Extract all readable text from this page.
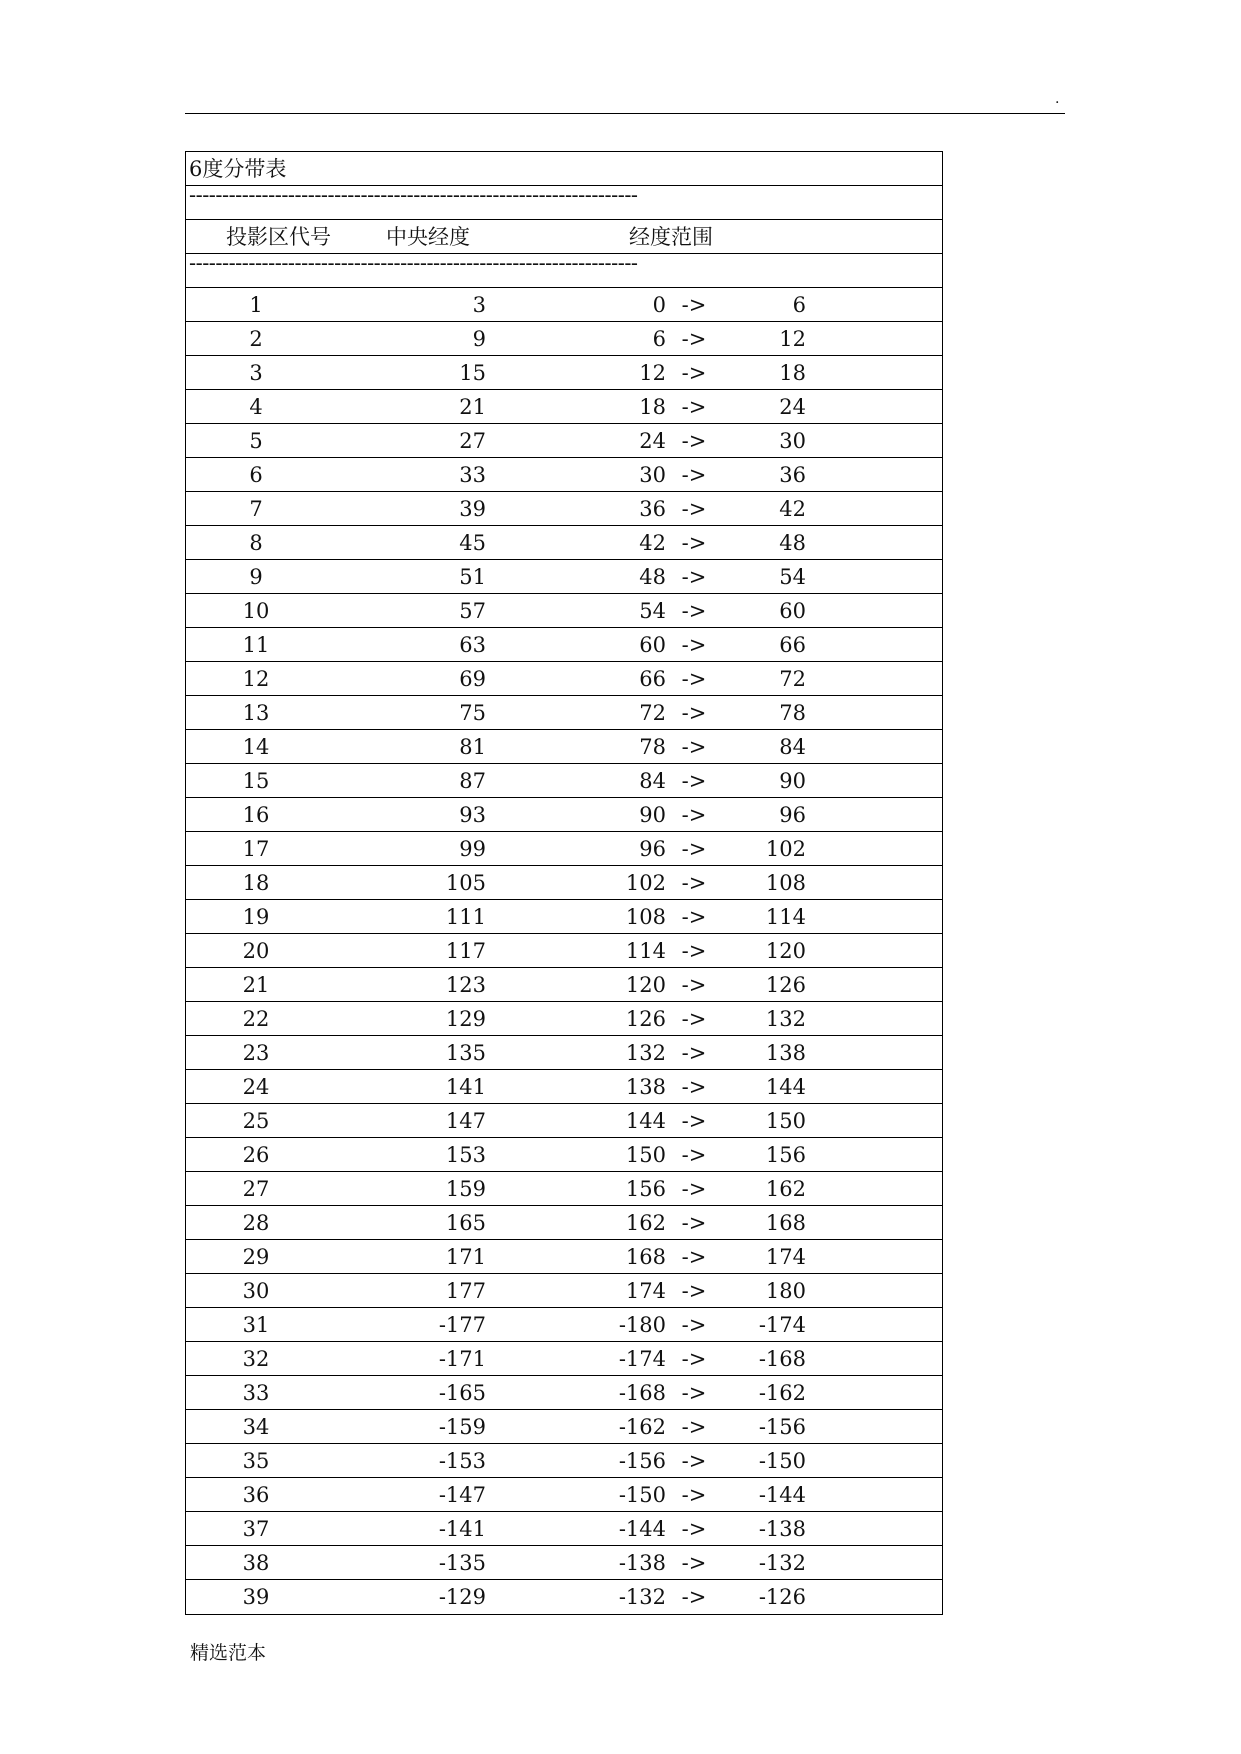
.
6度分带表
--------------------------------------------------------------------
投影区代号	中央经度	经度范围
--------------------------------------------------------------------
1	3	0 ->	6
2	9	6 ->	12
3	15	12 ->	18
4	21	18 ->	24
5	27	24 ->	30
6	33	30 ->	36
7	39	36 ->	42
8	45	42 ->	48
9	51	48 ->	54
10	57	54 ->	60
11	63	60 ->	66
12	69	66 ->	72
13	75	72 ->	78
14	81	78 ->	84
15	87	84 ->	90
16	93	90 ->	96
17	99	96 ->	102
18	105	102 ->	108
19	111	108 ->	114
20	117	114 ->	120
21	123	120 ->	126
22	129	126 ->	132
23	135	132 ->	138
24	141	138 ->	144
25	147	144 ->	150
26	153	150 ->	156
27	159	156 ->	162
28	165	162 ->	168
29	171	168 ->	174
30	177	174 ->	180
31	-177	-180 ->	-174
32	-171	-174 ->	-168
33	-165	-168 ->	-162
34	-159	-162 ->	-156
35	-153	-156 ->	-150
36	-147	-150 ->	-144
37	-141	-144 ->	-138
38	-135	-138 ->	-132
39	-129	-132 ->	-126
精选范本
